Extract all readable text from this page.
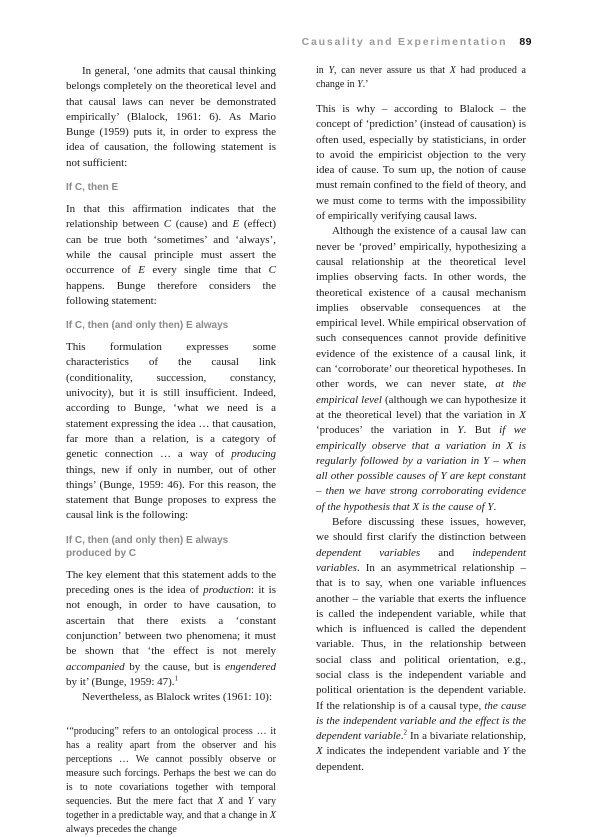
Causality and Experimentation 89

In general, ‘one admits that causal thinking belongs completely on the theoretical level and that causal laws can never be demonstrated empirically’ (Blalock, 1961: 6). As Mario Bunge (1959) puts it, in order to express the idea of causation, the following statement is not sufficient:

If C, then E

In that this affirmation indicates that the relationship between C (cause) and E (effect) can be true both ‘sometimes’ and ‘always’, while the causal principle must assert the occurrence of E every single time that C happens. Bunge therefore considers the following statement:

If C, then (and only then) E always

This formulation expresses some characteristics of the causal link (conditionality, succession, constancy, univocity), but it is still insufficient. Indeed, according to Bunge, ‘what we need is a statement expressing the idea … that causation, far more than a relation, is a category of genetic connection … a way of producing things, new if only in number, out of other things’ (Bunge, 1959: 46). For this reason, the statement that Bunge proposes to express the causal link is the following:

If C, then (and only then) E always produced by C

The key element that this statement adds to the preceding ones is the idea of production: it is not enough, in order to have causation, to ascertain that there exists a ‘constant conjunction’ between two phenomena; it must be shown that ‘the effect is not merely accompanied by the cause, but is engendered by it’ (Bunge, 1959: 47).$^1$

Nevertheless, as Blalock writes (1961: 10):

‘“producing” refers to an ontological process … it has a reality apart from the observer and his perceptions … We cannot possibly observe or measure such forcings. Perhaps the best we can do is to note covariations together with temporal sequencies. But the mere fact that X and Y vary together in a predictable way, and that a change in X always precedes the change

in Y, can never assure us that X had produced a change in Y.’

This is why – according to Blalock – the concept of ‘prediction’ (instead of causation) is often used, especially by statisticians, in order to avoid the empiricist objection to the very idea of cause. To sum up, the notion of cause must remain confined to the field of theory, and we must come to terms with the impossibility of empirically verifying causal laws.

Although the existence of a causal law can never be ‘proved’ empirically, hypothesizing a causal relationship at the theoretical level implies observing facts. In other words, the theoretical existence of a causal mechanism implies observable consequences at the empirical level. While empirical observation of such consequences cannot provide definitive evidence of the existence of a causal link, it can ‘corroborate’ our theoretical hypotheses. In other words, we can never state, at the empirical level (although we can hypothesize it at the theoretical level) that the variation in X ‘produces’ the variation in Y. But if we empirically observe that a variation in X is regularly followed by a variation in Y – when all other possible causes of Y are kept constant – then we have strong corroborating evidence of the hypothesis that X is the cause of Y.

Before discussing these issues, however, we should first clarify the distinction between dependent variables and independent variables. In an asymmetrical relationship – that is to say, when one variable influences another – the variable that exerts the influence is called the independent variable, while that which is influenced is called the dependent variable. Thus, in the relationship between social class and political orientation, e.g., social class is the independent variable and political orientation is the dependent variable. If the relationship is of a causal type, the cause is the independent variable and the effect is the dependent variable.$^2$ In a bivariate relationship, X indicates the independent variable and Y the dependent.
